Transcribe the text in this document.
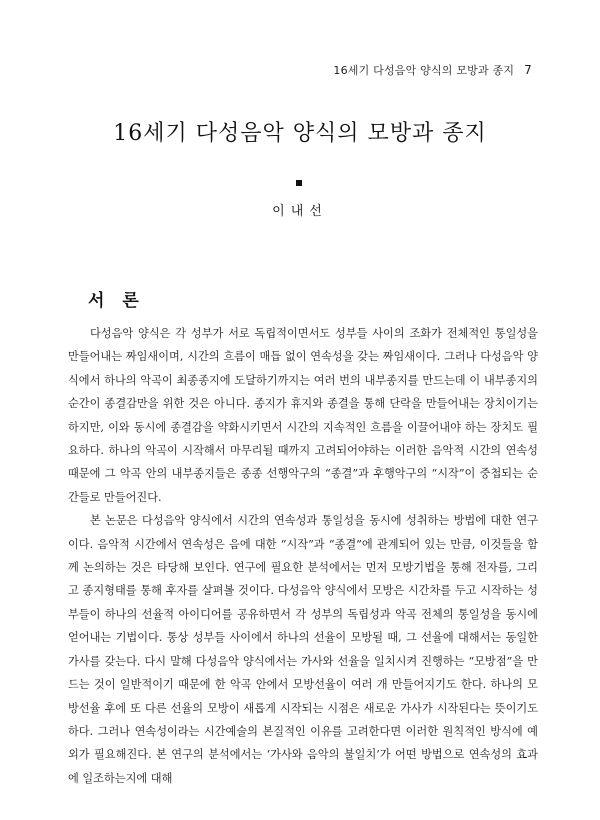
16세기 다성음악 양식의 모방과 종지 7
16세기 다성음악 양식의 모방과 종지
이내선
서 론

다성음악 양식은 각 성부가 서로 독립적이면서도 성부들 사이의 조화가 전체적인 통일성을 만들어내는 짜임새이며, 시간의 흐름이 매듭 없이 연속성을 갖는 짜임새이다. 그러나 다성음악 양식에서 하나의 악곡이 최종종지에 도달하기까지는 여러 번의 내부종지를 만드는데 이 내부종지의 순간이 종결감만을 위한 것은 아니다. 종지가 휴지와 종결을 통해 단락을 만들어내는 장치이기는 하지만, 이와 동시에 종결감을 약화시키면서 시간의 지속적인 흐름을 이끌어내야 하는 장치도 필요하다. 하나의 악곡이 시작해서 마무리될 때까지 고려되어야하는 이러한 음악적 시간의 연속성 때문에 그 악곡 안의 내부종지들은 종종 선행악구의 “종결”과 후행악구의 “시작”이 중첩되는 순간들로 만들어진다.

본 논문은 다성음악 양식에서 시간의 연속성과 통일성을 동시에 성취하는 방법에 대한 연구이다. 음악적 시간에서 연속성은 음에 대한 “시작”과 “종결”에 관계되어 있는 만큼, 이것들을 함께 논의하는 것은 타당해 보인다. 연구에 필요한 분석에서는 먼저 모방기법을 통해 전자를, 그리고 종지형태를 통해 후자를 살펴볼 것이다. 다성음악 양식에서 모방은 시간차를 두고 시작하는 성부들이 하나의 선율적 아이디어를 공유하면서 각 성부의 독립성과 악곡 전체의 통일성을 동시에 얻어내는 기법이다. 통상 성부들 사이에서 하나의 선율이 모방될 때, 그 선율에 대해서는 동일한 가사를 갖는다. 다시 말해 다성음악 양식에서는 가사와 선율을 일치시켜 진행하는 “모방점”을 만드는 것이 일반적이기 때문에 한 악곡 안에서 모방선율이 여러 개 만들어지기도 한다. 하나의 모방선율 후에 또 다른 선율의 모방이 새롭게 시작되는 시점은 새로운 가사가 시작된다는 뜻이기도 하다. 그러나 연속성이라는 시간예술의 본질적인 이유를 고려한다면 이러한 원칙적인 방식에 예외가 필요해진다. 본 연구의 분석에서는 ‘가사와 음악의 불일치’가 어떤 방법으로 연속성의 효과에 일조하는지에 대해
